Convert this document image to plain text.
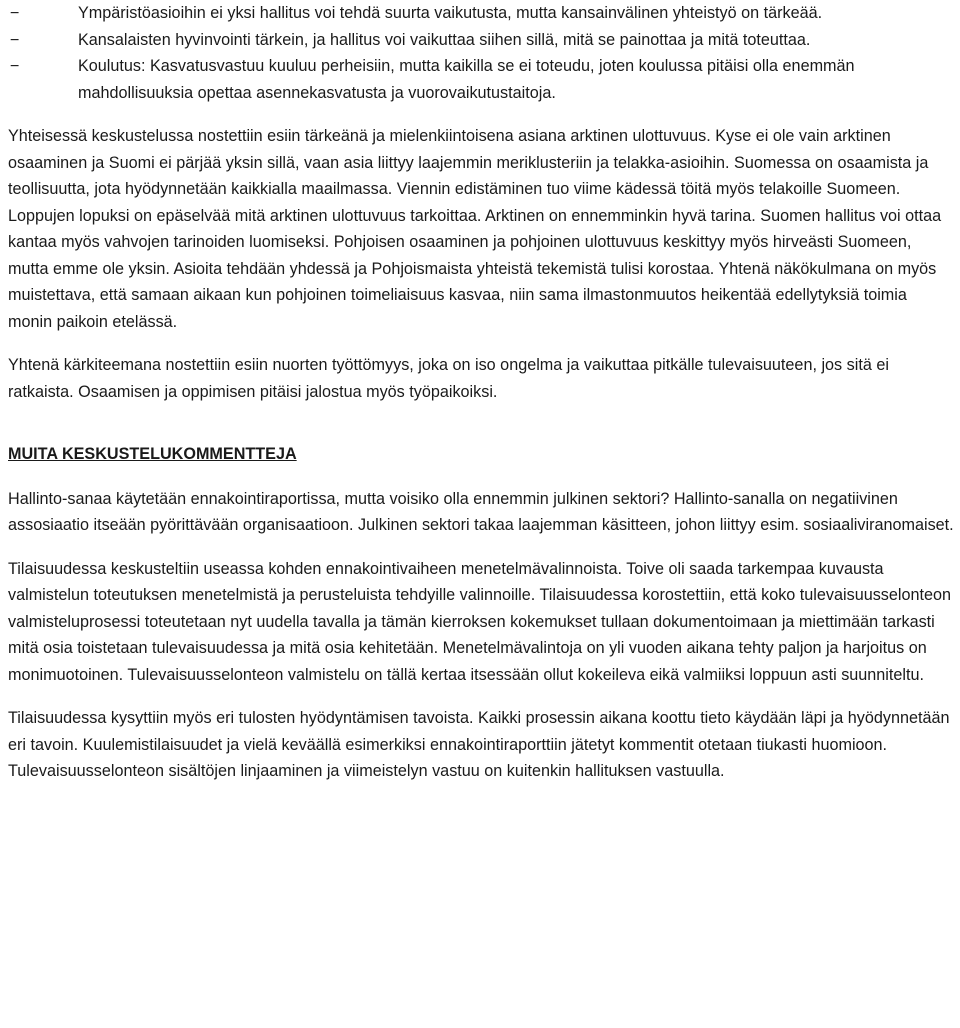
−	Ympäristöasioihin ei yksi hallitus voi tehdä suurta vaikutusta, mutta kansainvälinen yhteistyö on tärkeää.
−	Kansalaisten hyvinvointi tärkein, ja hallitus voi vaikuttaa siihen sillä, mitä se painottaa ja mitä toteuttaa.
−	Koulutus: Kasvatusvastuu kuuluu perheisiin, mutta kaikilla se ei toteudu, joten koulussa pitäisi olla enemmän mahdollisuuksia opettaa asennekasvatusta ja vuorovaikutustaitoja.

Yhteisessä keskustelussa nostettiin esiin tärkeänä ja mielenkiintoisena asiana arktinen ulottuvuus. Kyse ei ole vain arktinen osaaminen ja Suomi ei pärjää yksin sillä, vaan asia liittyy laajemmin meriklusteriin ja telakka-asioihin. Suomessa on osaamista ja teollisuutta, jota hyödynnetään kaikkialla maailmassa. Viennin edistäminen tuo viime kädessä töitä myös telakoille Suomeen. Loppujen lopuksi on epäselvää mitä arktinen ulottuvuus tarkoittaa. Arktinen on ennemminkin hyvä tarina. Suomen hallitus voi ottaa kantaa myös vahvojen tarinoiden luomiseksi. Pohjoisen osaaminen ja pohjoinen ulottuvuus keskittyy myös hirveästi Suomeen, mutta emme ole yksin. Asioita tehdään yhdessä ja Pohjoismaista yhteistä tekemistä tulisi korostaa. Yhtenä näkökulmana on myös muistettava, että samaan aikaan kun pohjoinen toimeliaisuus kasvaa, niin sama ilmastonmuutos heikentää edellytyksiä toimia monin paikoin etelässä.

Yhtenä kärkiteemana nostettiin esiin nuorten työttömyys, joka on iso ongelma ja vaikuttaa pitkälle tulevaisuuteen, jos sitä ei ratkaista. Osaamisen ja oppimisen pitäisi jalostua myös työpaikoiksi.

MUITA KESKUSTELUKOMMENTTEJA

Hallinto-sanaa käytetään ennakointiraportissa, mutta voisiko olla ennemmin julkinen sektori? Hallinto-sanalla on negatiivinen assosiaatio itseään pyörittävään organisaatioon. Julkinen sektori takaa laajemman käsitteen, johon liittyy esim. sosiaaliviranomaiset.

Tilaisuudessa keskusteltiin useassa kohden ennakointivaiheen menetelmävalinnoista. Toive oli saada tarkempaa kuvausta valmistelun toteutuksen menetelmistä ja perusteluista tehdyille valinnoille. Tilaisuudessa korostettiin, että koko tulevaisuusselonteon valmisteluprosessi toteutetaan nyt uudella tavalla ja tämän kierroksen kokemukset tullaan dokumentoimaan ja miettimään tarkasti mitä osia toistetaan tulevaisuudessa ja mitä osia kehitetään. Menetelmävalintoja on yli vuoden aikana tehty paljon ja harjoitus on monimuotoinen. Tulevaisuusselonteon valmistelu on tällä kertaa itsessään ollut kokeileva eikä valmiiksi loppuun asti suunniteltu.

Tilaisuudessa kysyttiin myös eri tulosten hyödyntämisen tavoista. Kaikki prosessin aikana koottu tieto käydään läpi ja hyödynnetään eri tavoin. Kuulemistilaisuudet ja vielä keväällä esimerkiksi ennakointiraporttiin jätetyt kommentit otetaan tiukasti huomioon. Tulevaisuusselonteon sisältöjen linjaaminen ja viimeistelyn vastuu on kuitenkin hallituksen vastuulla.
